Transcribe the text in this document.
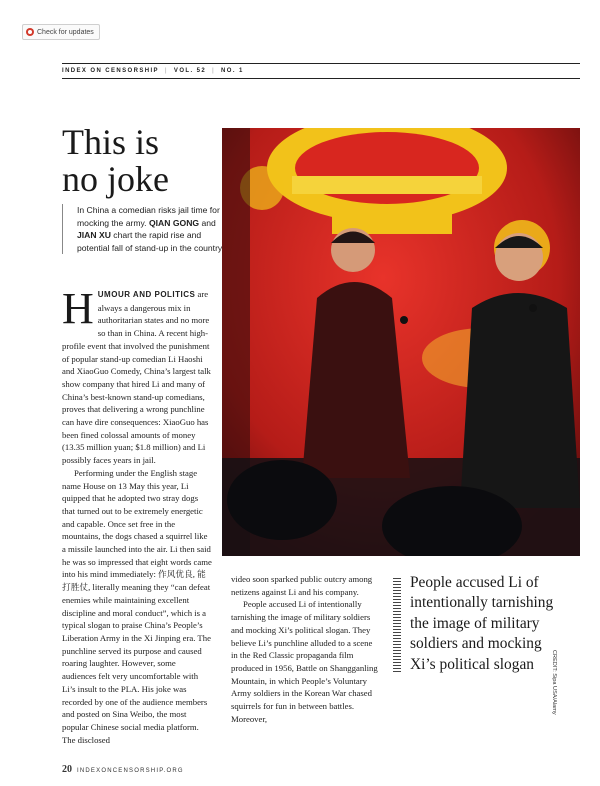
Check for updates
INDEX ON CENSORSHIP | VOL. 52 | NO. 1
This is
no joke
In China a comedian risks jail time for mocking the army. QIAN GONG and JIAN XU chart the rapid rise and potential fall of stand-up in the country

HUMOUR AND POLITICS are always a dangerous mix in authoritarian states and no more so than in China. A recent high-profile event that involved the punishment of popular stand-up comedian Li Haoshi and XiaoGuo Comedy, China’s largest talk show company that hired Li and many of China’s best-known stand-up comedians, proves that delivering a wrong punchline can have dire consequences: XiaoGuo has been fined colossal amounts of money (13.35 million yuan; $1.8 million) and Li possibly faces years in jail.

Performing under the English stage name House on 13 May this year, Li quipped that he adopted two stray dogs that turned out to be extremely energetic and capable. Once set free in the mountains, the dogs chased a squirrel like a missile launched into the air. Li then said he was so impressed that eight words came into his mind immediately: 作风优良, 能打胜仗, literally meaning they “can defeat enemies while maintaining excellent discipline and moral conduct”, which is a typical slogan to praise China’s People’s Liberation Army in the Xi Jinping era. The punchline served its purpose and caused roaring laughter. However, some audiences felt very uncomfortable with Li’s insult to the PLA. His joke was recorded by one of the audience members and posted on Sina Weibo, the most popular Chinese social media platform. The disclosed

video soon sparked public outcry among netizens against Li and his company.

People accused Li of intentionally tarnishing the image of military soldiers and mocking Xi’s political slogan. They believe Li’s punchline alluded to a scene in the Red Classic propaganda film produced in 1956, Battle on Shangganling Mountain, in which People’s Voluntary Army soldiers in the Korean War chased squirrels for fun in between battles. Moreover,

People accused Li of intentionally tarnishing the image of military soldiers and mocking Xi’s political slogan	CREDIT: Sipa USA/Alamy
20 INDEXONCENSORSHIP.ORG
